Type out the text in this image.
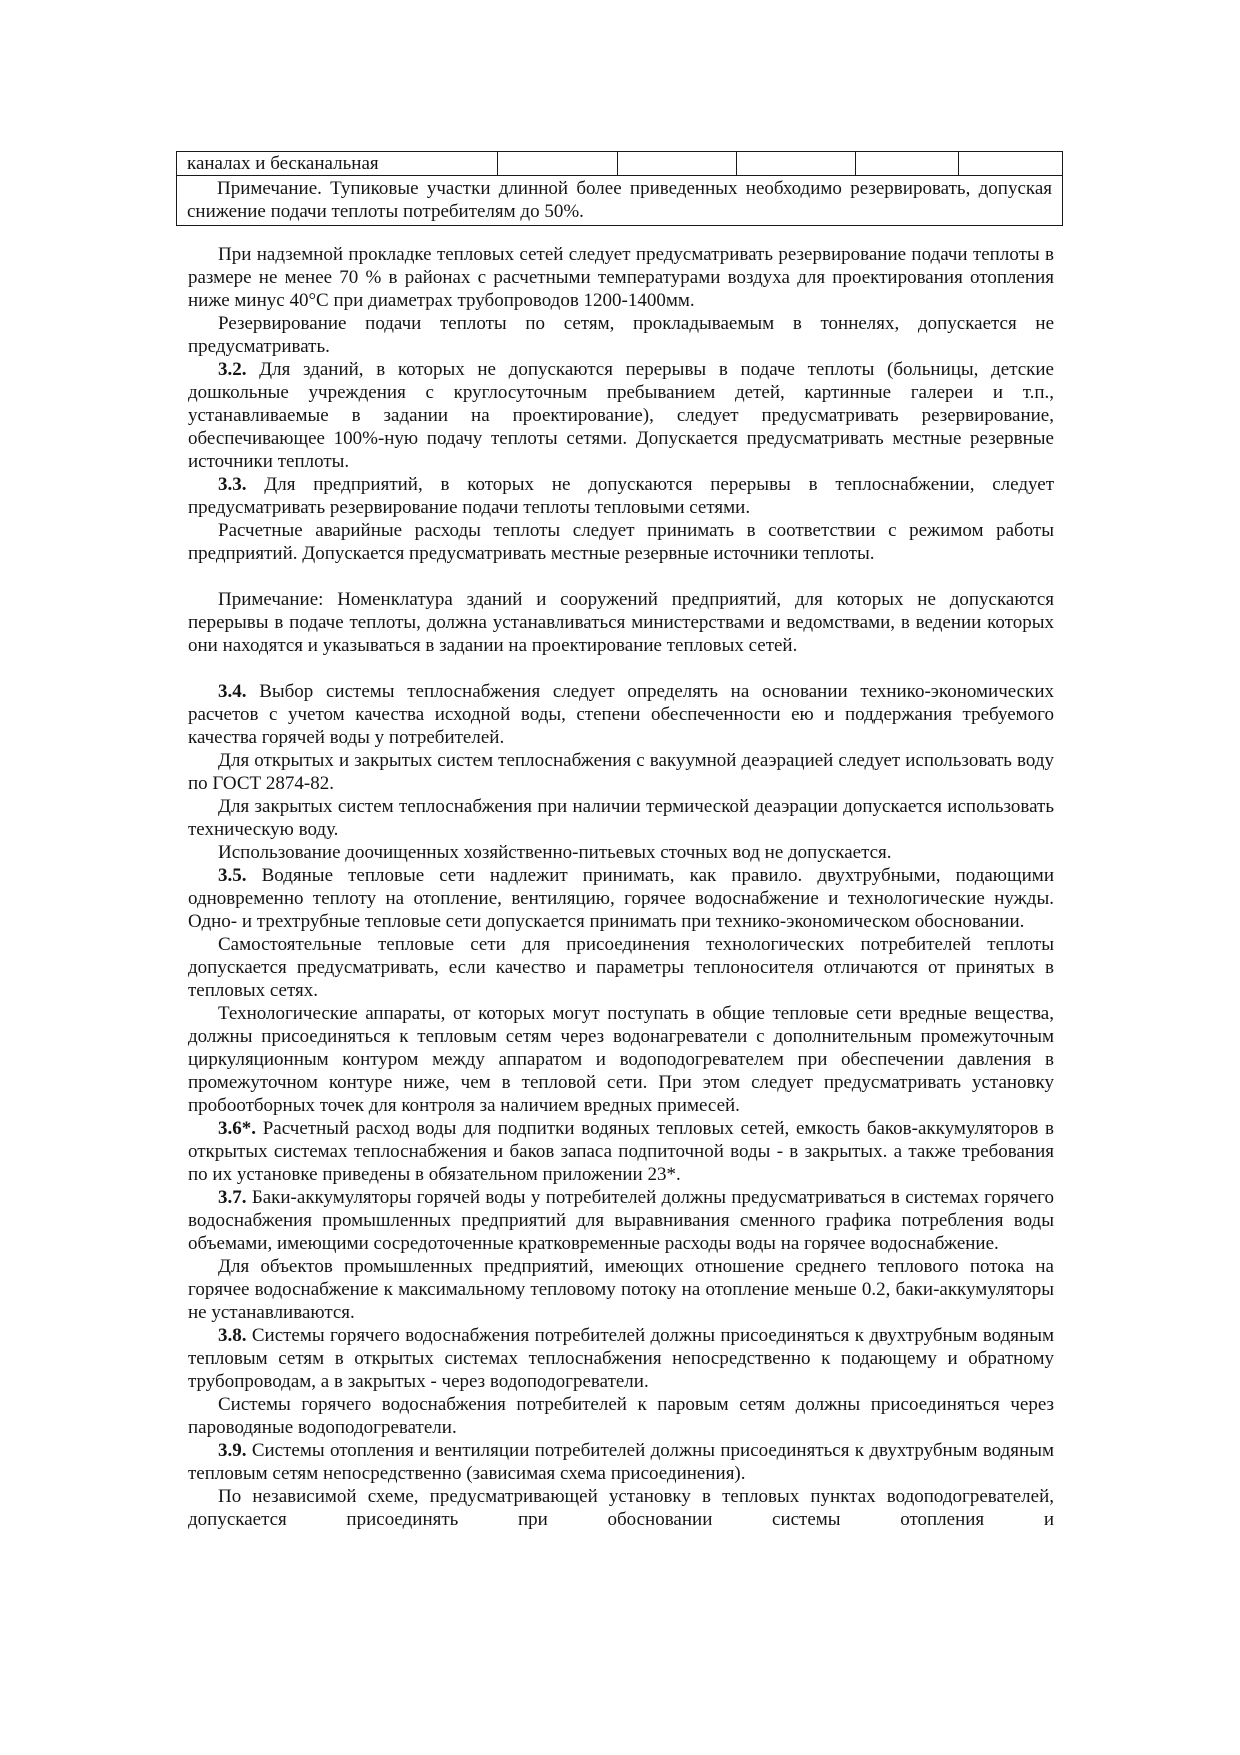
каналах и бесканальная					
Примечание. Тупиковые участки длинной более приведенных необходимо резервировать, допуская снижение подачи теплоты потребителям до 50%.

При надземной прокладке тепловых сетей следует предусматривать резервирование подачи теплоты в размере не менее 70 % в районах с расчетными температурами воздуха для проектирования отопления ниже минус 40°С при диаметрах трубопроводов 1200-1400мм.

Резервирование подачи теплоты по сетям, прокладываемым в тоннелях, допускается не предусматривать.

3.2. Для зданий, в которых не допускаются перерывы в подаче теплоты (больницы, детские дошкольные учреждения с круглосуточным пребыванием детей, картинные галереи и т.п., устанавливаемые в задании на проектирование), следует предусматривать резервирование, обеспечивающее 100%-ную подачу теплоты сетями. Допускается предусматривать местные резервные источники теплоты.

3.3. Для предприятий, в которых не допускаются перерывы в теплоснабжении, следует предусматривать резервирование подачи теплоты тепловыми сетями.

Расчетные аварийные расходы теплоты следует принимать в соответствии с режимом работы предприятий. Допускается предусматривать местные резервные источники теплоты.

Примечание: Номенклатура зданий и сооружений предприятий, для которых не допускаются перерывы в подаче теплоты, должна устанавливаться министерствами и ведомствами, в ведении которых они находятся и указываться в задании на проектирование тепловых сетей.

3.4. Выбор системы теплоснабжения следует определять на основании технико-экономических расчетов с учетом качества исходной воды, степени обеспеченности ею и поддержания требуемого качества горячей воды у потребителей.

Для открытых и закрытых систем теплоснабжения с вакуумной деаэрацией следует использовать воду по ГОСТ 2874-82.

Для закрытых систем теплоснабжения при наличии термической деаэрации допускается использовать техническую воду.

Использование доочищенных хозяйственно-питьевых сточных вод не допускается.

3.5. Водяные тепловые сети надлежит принимать, как правило. двухтрубными, подающими одновременно теплоту на отопление, вентиляцию, горячее водоснабжение и технологические нужды. Одно- и трехтрубные тепловые сети допускается принимать при технико-экономическом обосновании.

Самостоятельные тепловые сети для присоединения технологических потребителей теплоты допускается предусматривать, если качество и параметры теплоносителя отличаются от принятых в тепловых сетях.

Технологические аппараты, от которых могут поступать в общие тепловые сети вредные вещества, должны присоединяться к тепловым сетям через водонагреватели с дополнительным промежуточным циркуляционным контуром между аппаратом и водоподогревателем при обеспечении давления в промежуточном контуре ниже, чем в тепловой сети. При этом следует предусматривать установку пробоотборных точек для контроля за наличием вредных примесей.

3.6*. Расчетный расход воды для подпитки водяных тепловых сетей, емкость баков-аккумуляторов в открытых системах теплоснабжения и баков запаса подпиточной воды - в закрытых. а также требования по их установке приведены в обязательном приложении 23*.

3.7. Баки-аккумуляторы горячей воды у потребителей должны предусматриваться в системах горячего водоснабжения промышленных предприятий для выравнивания сменного графика потребления воды объемами, имеющими сосредоточенные кратковременные расходы воды на горячее водоснабжение.

Для объектов промышленных предприятий, имеющих отношение среднего теплового потока на горячее водоснабжение к максимальному тепловому потоку на отопление меньше 0.2, баки-аккумуляторы не устанавливаются.

3.8. Системы горячего водоснабжения потребителей должны присоединяться к двухтрубным водяным тепловым сетям в открытых системах теплоснабжения непосредственно к подающему и обратному трубопроводам, а в закрытых - через водоподогреватели.

Системы горячего водоснабжения потребителей к паровым сетям должны присоединяться через пароводяные водоподогреватели.

3.9. Системы отопления и вентиляции потребителей должны присоединяться к двухтрубным водяным тепловым сетям непосредственно (зависимая схема присоединения).

По независимой схеме, предусматривающей установку в тепловых пунктах водоподогревателей, допускается присоединять при обосновании системы отопления и
